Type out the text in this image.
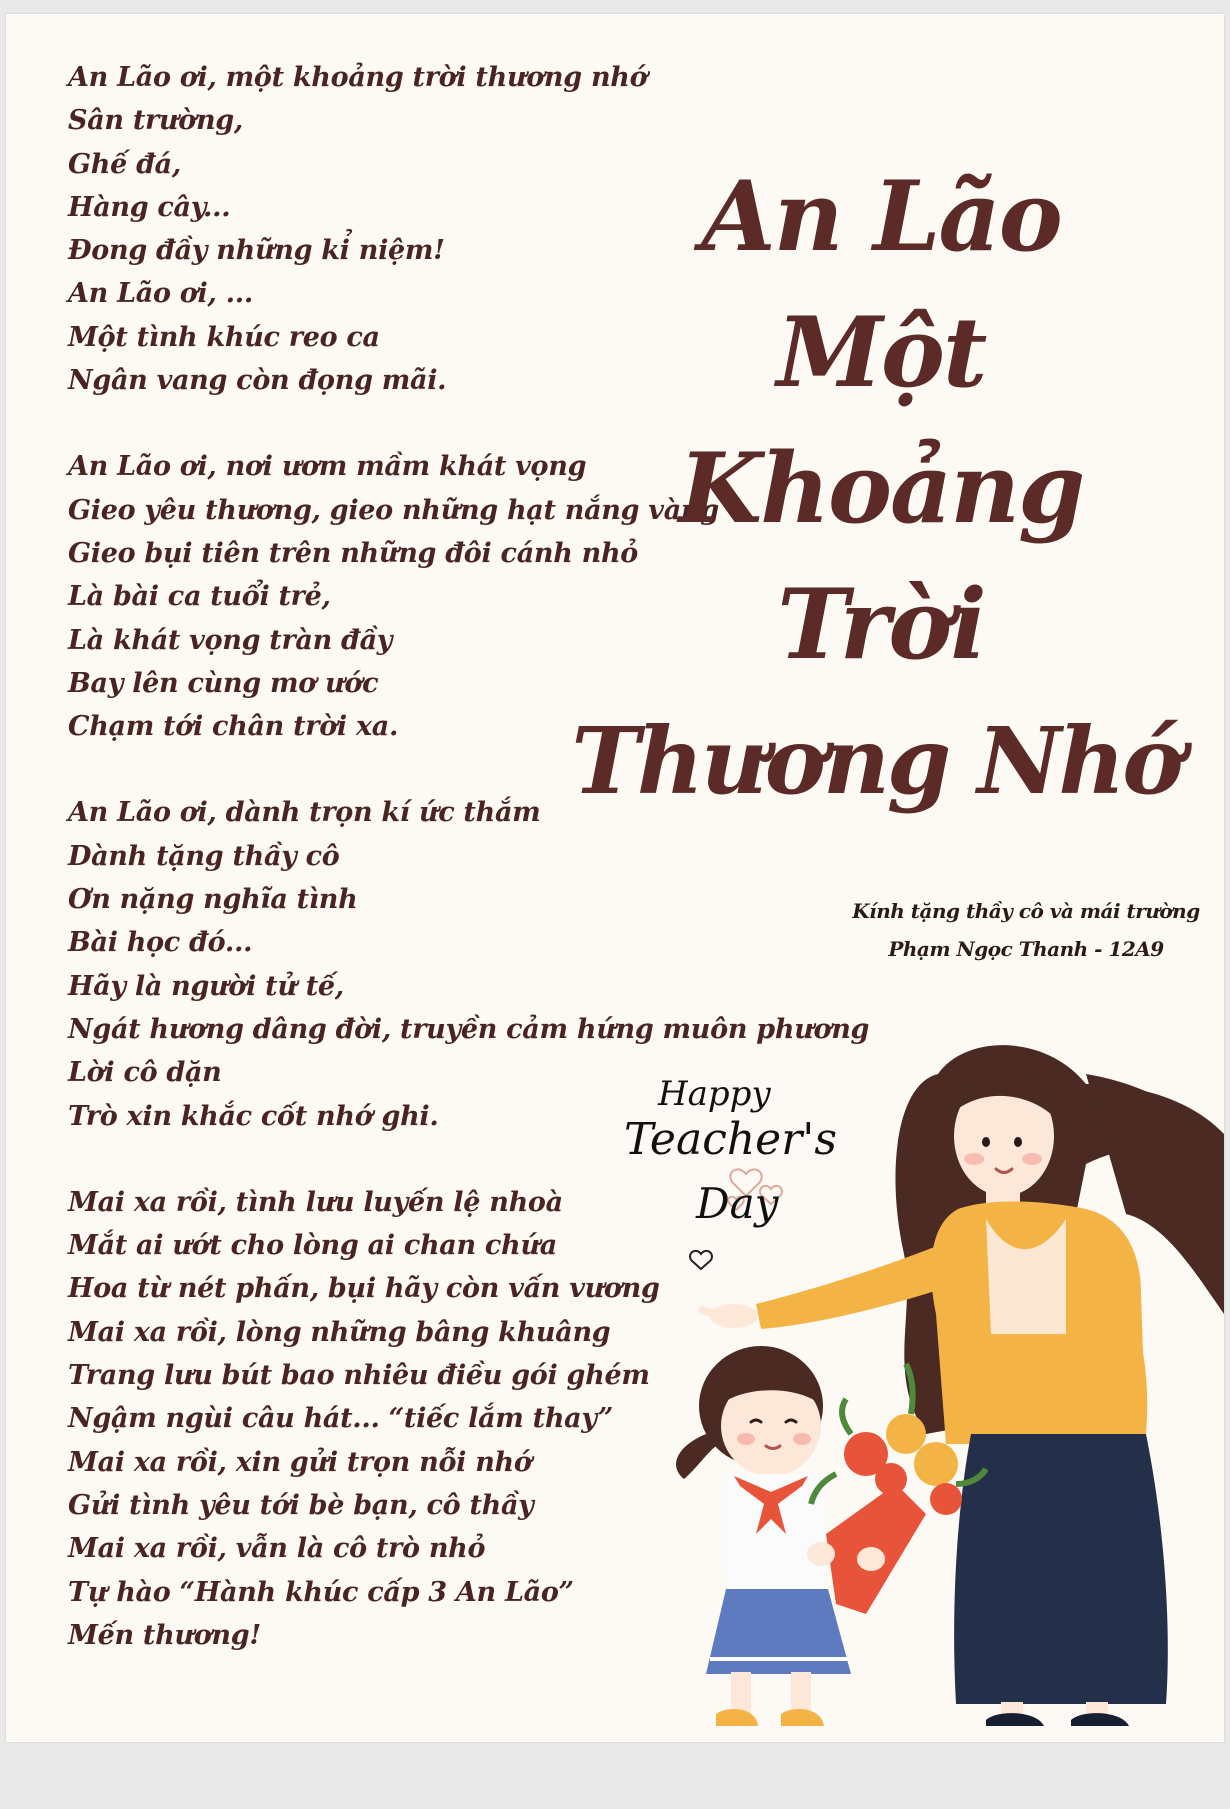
An Lão ơi, một khoảng trời thương nhớ
Sân trường,
Ghế đá,
Hàng cây...
Đong đầy những kỉ niệm!
An Lão ơi, ...
Một tình khúc reo ca
Ngân vang còn đọng mãi.
An Lão ơi, nơi ươm mầm khát vọng
Gieo yêu thương, gieo những hạt nắng vàng
Gieo bụi tiên trên những đôi cánh nhỏ
Là bài ca tuổi trẻ,
Là khát vọng tràn đầy
Bay lên cùng mơ ước
Chạm tới chân trời xa.
An Lão ơi, dành trọn kí ức thắm
Dành tặng thầy cô
Ơn nặng nghĩa tình
Bài học đó...
Hãy là người tử tế,
Ngát hương dâng đời, truyền cảm hứng muôn phương
Lời cô dặn
Trò xin khắc cốt nhớ ghi.
Mai xa rồi, tình lưu luyến lệ nhoà
Mắt ai ướt cho lòng ai chan chứa
Hoa từ nét phấn, bụi hãy còn vấn vương
Mai xa rồi, lòng những bâng khuâng
Trang lưu bút bao nhiêu điều gói ghém
Ngậm ngùi câu hát... “tiếc lắm thay”
Mai xa rồi, xin gửi trọn nỗi nhớ
Gửi tình yêu tới bè bạn, cô thầy
Mai xa rồi, vẫn là cô trò nhỏ
Tự hào “Hành khúc cấp 3 An Lão”
Mến thương!
An Lão
Một
Khoảng
Trời
Thương Nhớ
Kính tặng thầy cô và mái trường
Phạm Ngọc Thanh - 12A9
Happy
Teacher's
Day
